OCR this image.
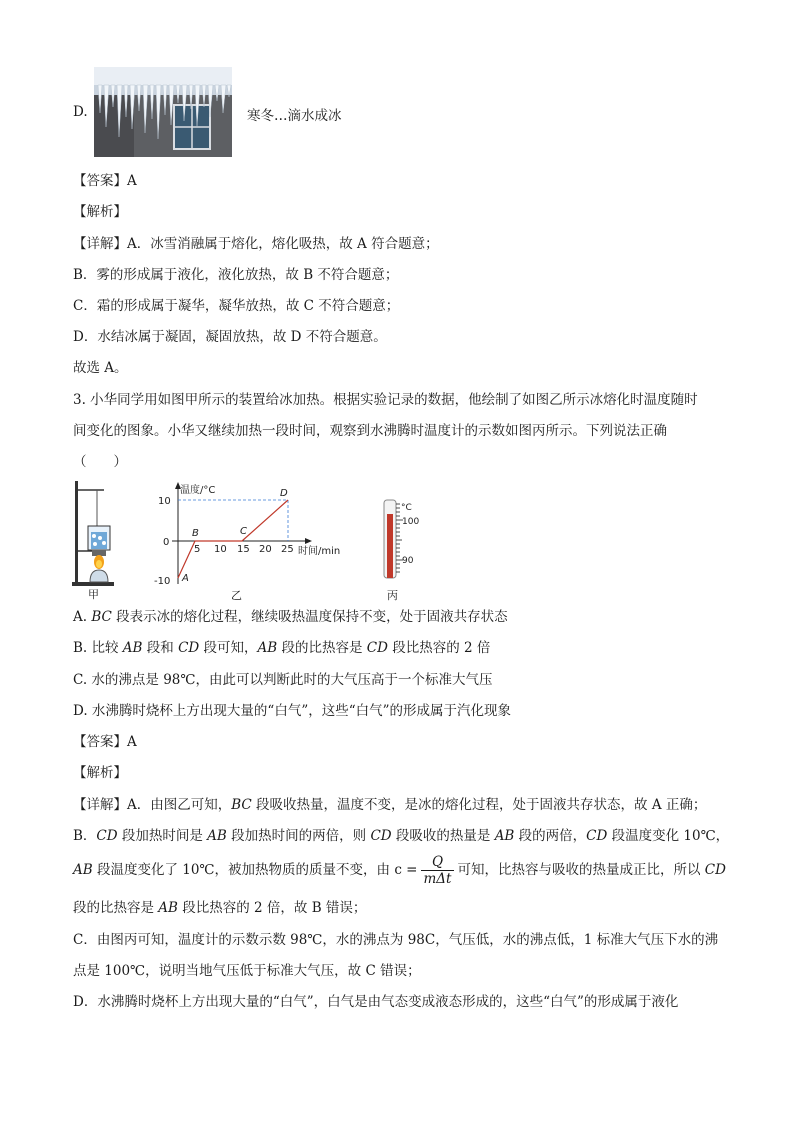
D.	寒冬…滴水成冰
【答案】A
【解析】
【详解】A．冰雪消融属于熔化，熔化吸热，故 A 符合题意；
B．雾的形成属于液化，液化放热，故 B 不符合题意；
C．霜的形成属于凝华，凝华放热，故 C 不符合题意；
D．水结冰属于凝固，凝固放热，故 D 不符合题意。
故选 A。
3. 小华同学用如图甲所示的装置给冰加热。根据实验记录的数据，他绘制了如图乙所示冰熔化时温度随时
间变化的图象。小华又继续加热一段时间，观察到水沸腾时温度计的示数如图丙所示。下列说法正确
（　　）
甲
温度/°C
时间/min
10
0
-10
5 10 15 20 25
A
B	C
D
乙
°C
100
90
丙
A. BC 段表示冰的熔化过程，继续吸热温度保持不变，处于固液共存状态
B. 比较 AB 段和 CD 段可知，AB 段的比热容是 CD 段比热容的 2 倍
C. 水的沸点是 98℃，由此可以判断此时的大气压高于一个标准大气压
D. 水沸腾时烧杯上方出现大量的“白气”，这些“白气”的形成属于汽化现象
【答案】A
【解析】
【详解】A．由图乙可知，BC 段吸收热量，温度不变，是冰的熔化过程，处于固液共存状态，故 A 正确；
B．CD 段加热时间是 AB 段加热时间的两倍，则 CD 段吸收的热量是 AB 段的两倍，CD 段温度变化 10℃，
AB 段温度变化了 10℃，被加热物质的质量不变，由 $c = \frac{Q}{\text{mΔt}}$ 可知，比热容与吸收的热量成正比，所以 CD
段的比热容是 AB 段比热容的 2 倍，故 B 错误；
C．由图丙可知，温度计的示数示数 98℃，水的沸点为 98C，气压低，水的沸点低，1 标准大气压下水的沸
点是 100℃，说明当地气压低于标准大气压，故 C 错误；
D．水沸腾时烧杯上方出现大量的“白气”，白气是由气态变成液态形成的，这些“白气”的形成属于液化
